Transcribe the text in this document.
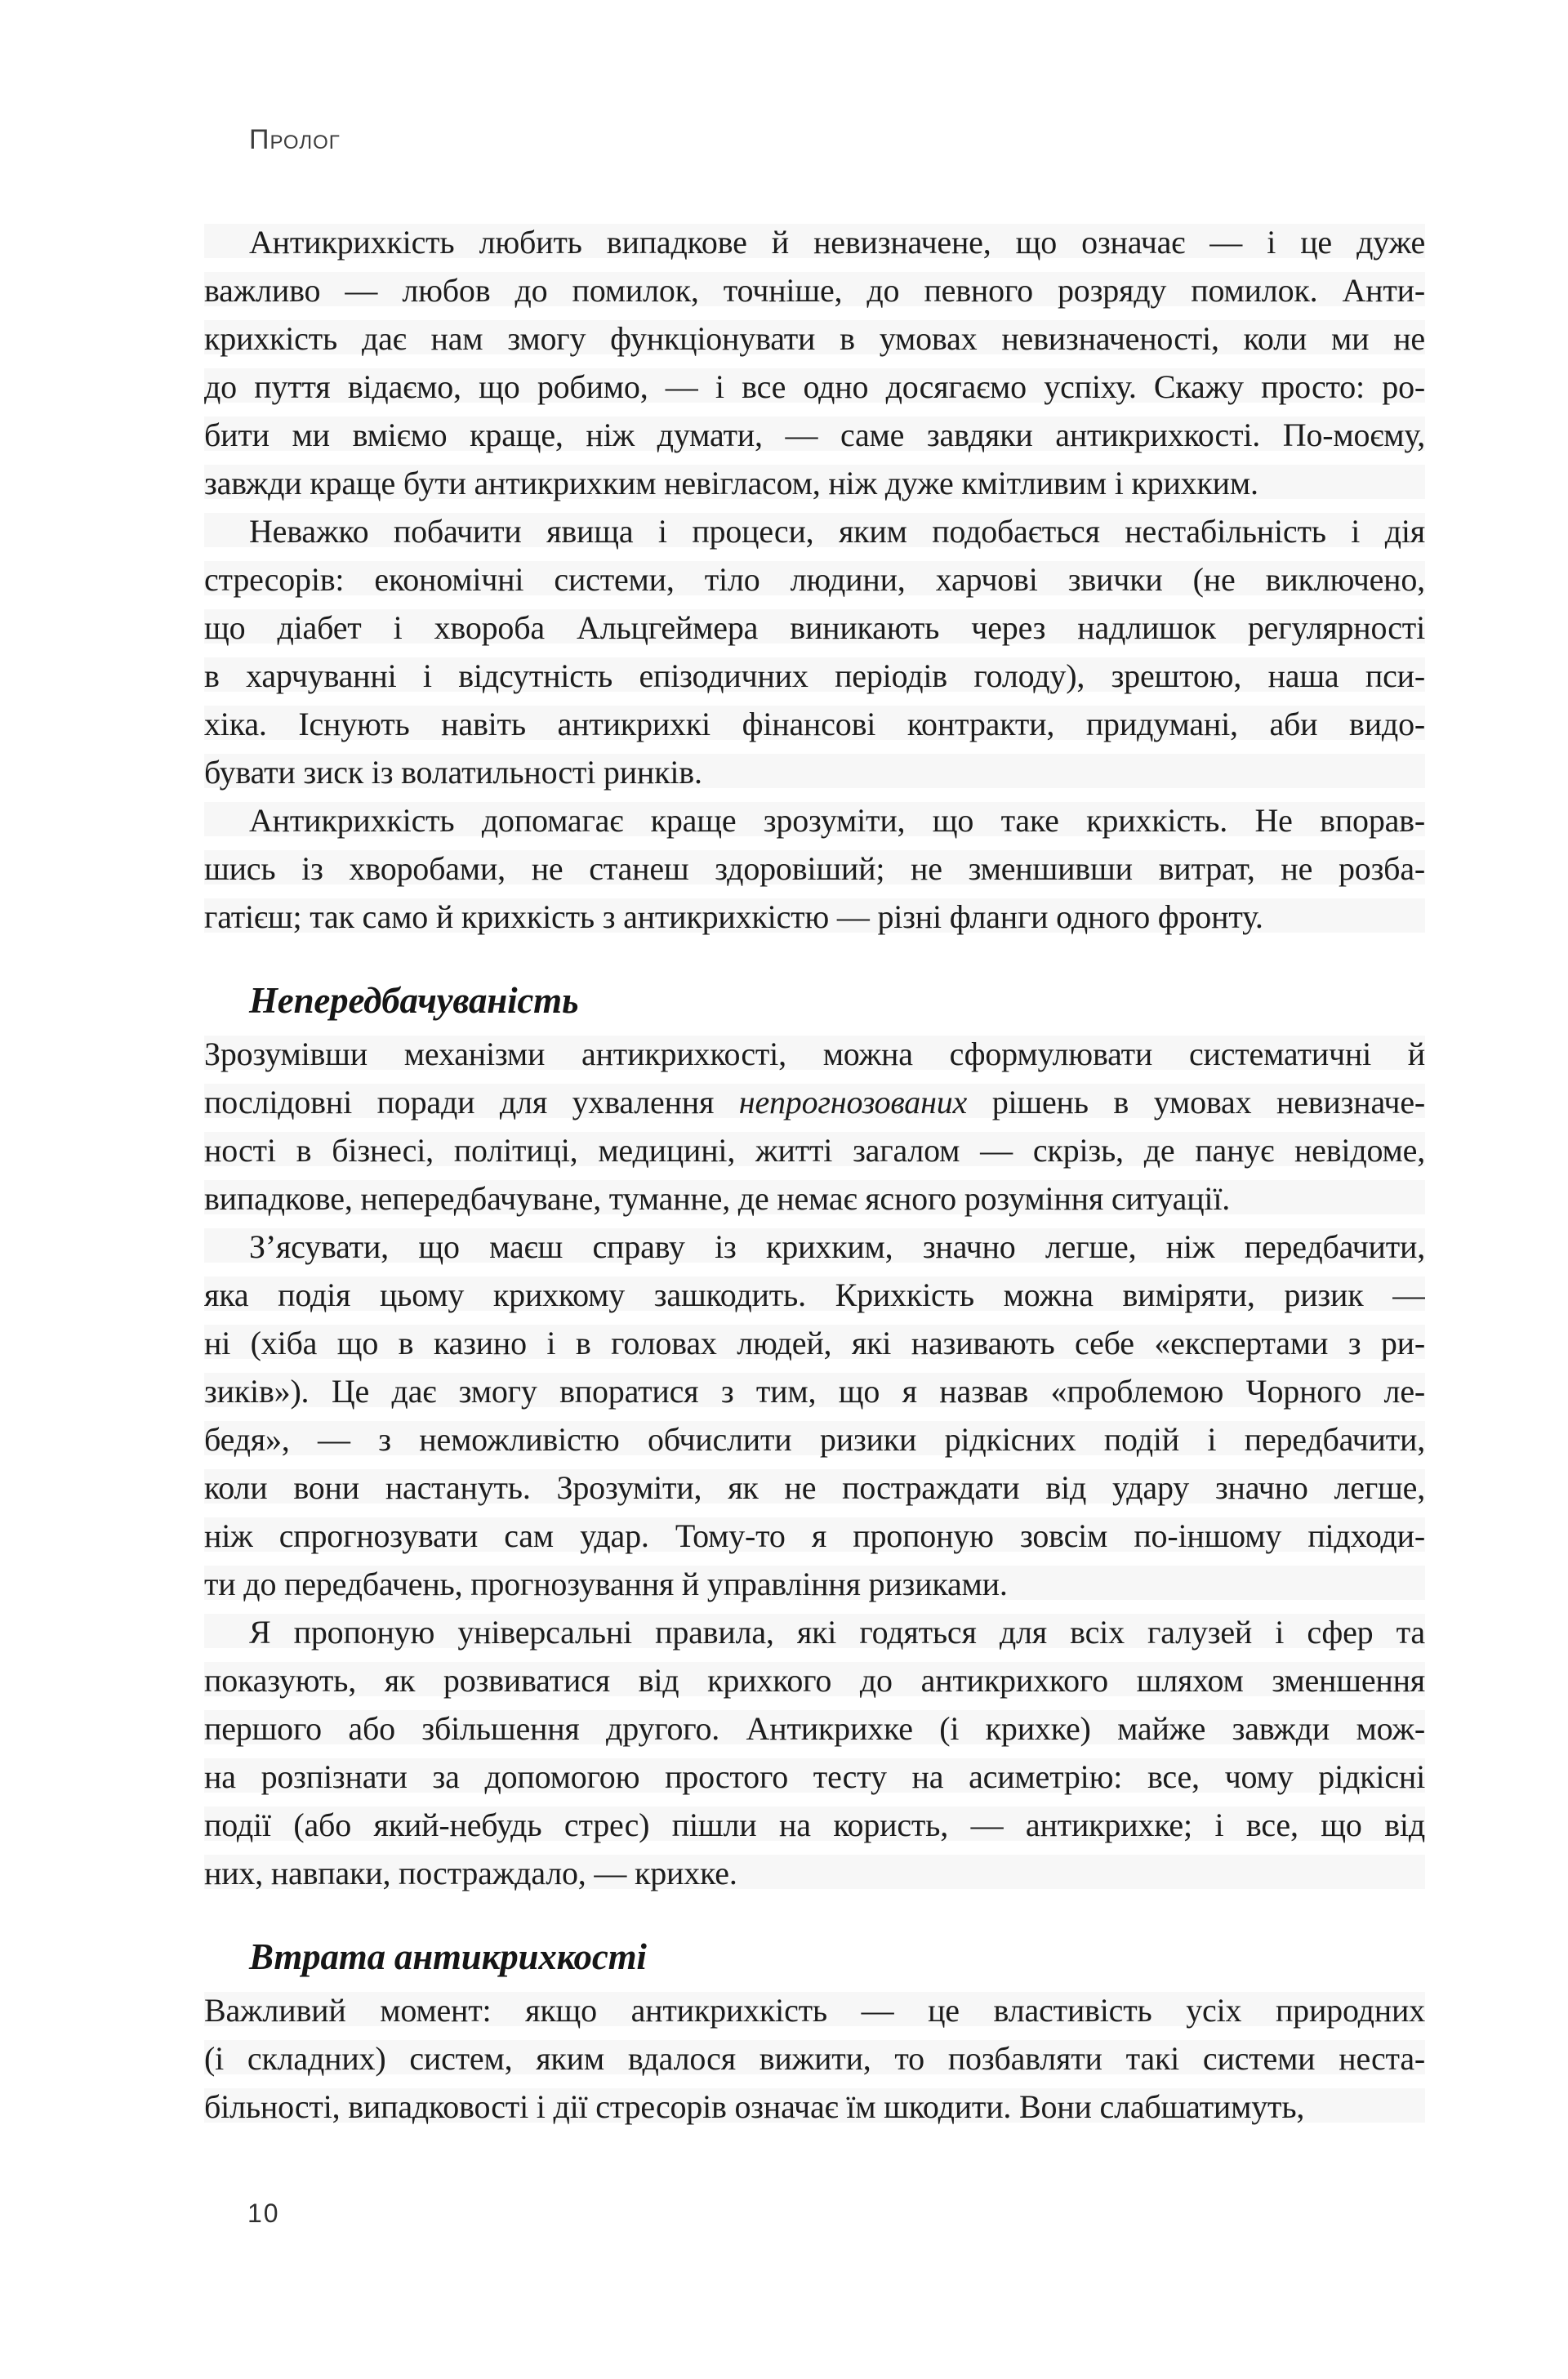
Пролог
Антикрихкість любить випадкове й невизначене, що означає — і це дуже
важливо — любов до помилок, точніше, до певного розряду помилок. Анти-
крихкість дає нам змогу функціонувати в умовах невизначеності, коли ми не
до пуття відаємо, що робимо, — і все одно досягаємо успіху. Скажу просто: ро-
бити ми вміємо краще, ніж думати, — саме завдяки антикрихкості. По-моєму,
завжди краще бути антикрихким невігласом, ніж дуже кмітливим і крихким.
Неважко побачити явища і процеси, яким подобається нестабільність і дія
стресорів: економічні системи, тіло людини, харчові звички (не виключено,
що діабет і хвороба Альцгеймера виникають через надлишок регулярності
в харчуванні і відсутність епізодичних періодів голоду), зрештою, наша пси-
хіка. Існують навіть антикрихкі фінансові контракти, придумані, аби видо-
бувати зиск із волатильності ринків.
Антикрихкість допомагає краще зрозуміти, що таке крихкість. Не впорав-
шись із хворобами, не станеш здоровіший; не зменшивши витрат, не розба-
гатієш; так само й крихкість з антикрихкістю — різні фланги одного фронту.
Непередбачуваність
Зрозумівши механізми антикрихкості, можна сформулювати систематичні й
послідовні поради для ухвалення непрогнозованих рішень в умовах невизначе-
ності в бізнесі, політиці, медицині, житті загалом — скрізь, де панує невідоме,
випадкове, непередбачуване, туманне, де немає ясного розуміння ситуації.
З’ясувати, що маєш справу із крихким, значно легше, ніж передбачити,
яка подія цьому крихкому зашкодить. Крихкість можна виміряти, ризик —
ні (хіба що в казино і в головах людей, які називають себе «експертами з ри-
зиків»). Це дає змогу впоратися з тим, що я назвав «проблемою Чорного ле-
бедя», — з неможливістю обчислити ризики рідкісних подій і передбачити,
коли вони настануть. Зрозуміти, як не постраждати від удару значно легше,
ніж спрогнозувати сам удар. Тому-то я пропоную зовсім по-іншому підходи-
ти до передбачень, прогнозування й управління ризиками.
Я пропоную універсальні правила, які годяться для всіх галузей і сфер та
показують, як розвиватися від крихкого до антикрихкого шляхом зменшення
першого або збільшення другого. Антикрихке (і крихке) майже завжди мож-
на розпізнати за допомогою простого тесту на асиметрію: все, чому рідкісні
події (або який-небудь стрес) пішли на користь, — антикрихке; і все, що від
них, навпаки, постраждало, — крихке.
Втрата антикрихкості
Важливий момент: якщо антикрихкість — це властивість усіх природних
(і складних) систем, яким вдалося вижити, то позбавляти такі системи неста-
більності, випадковості і дії стресорів означає їм шкодити. Вони слабшатимуть,
10
